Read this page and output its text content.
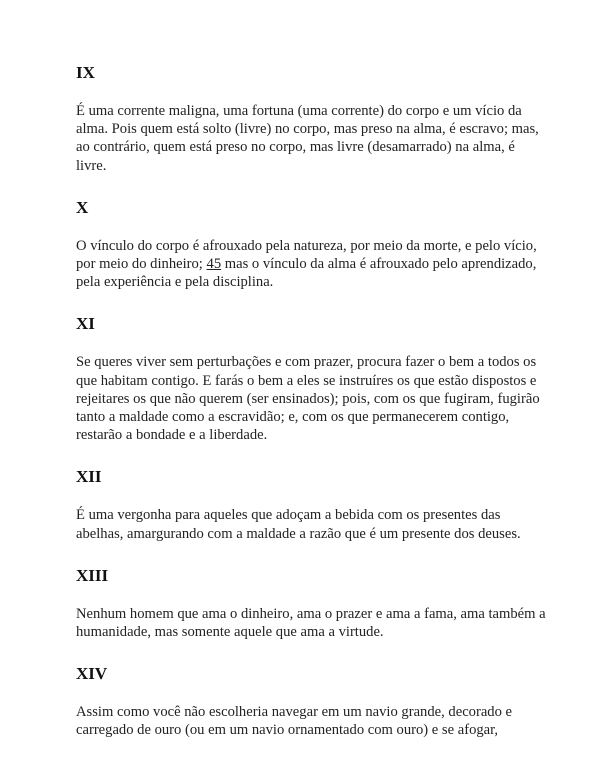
IX

É uma corrente maligna, uma fortuna (uma corrente) do corpo e um vício da alma. Pois quem está solto (livre) no corpo, mas preso na alma, é escravo; mas, ao contrário, quem está preso no corpo, mas livre (desamarrado) na alma, é livre.

X

O vínculo do corpo é afrouxado pela natureza, por meio da morte, e pelo vício, por meio do dinheiro; 45 mas o vínculo da alma é afrouxado pelo aprendizado, pela experiência e pela disciplina.

XI

Se queres viver sem perturbações e com prazer, procura fazer o bem a todos os que habitam contigo. E farás o bem a eles se instruíres os que estão dispostos e rejeitares os que não querem (ser ensinados); pois, com os que fugiram, fugirão tanto a maldade como a escravidão; e, com os que permanecerem contigo, restarão a bondade e a liberdade.

XII

É uma vergonha para aqueles que adoçam a bebida com os presentes das abelhas, amargurando com a maldade a razão que é um presente dos deuses.

XIII

Nenhum homem que ama o dinheiro, ama o prazer e ama a fama, ama também a humanidade, mas somente aquele que ama a virtude.

XIV

Assim como você não escolheria navegar em um navio grande, decorado e carregado de ouro (ou em um navio ornamentado com ouro) e se afogar,
